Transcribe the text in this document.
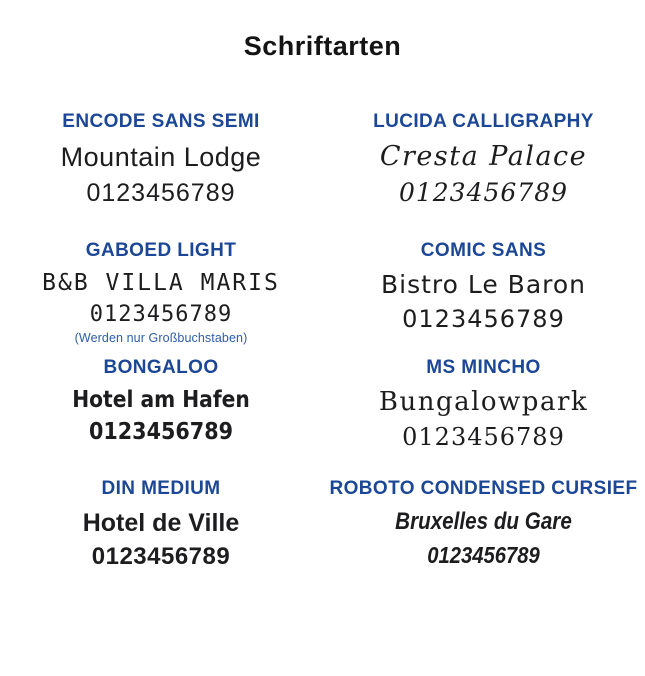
Schriftarten
ENCODE SANS SEMI
Mountain Lodge
0123456789
LUCIDA CALLIGRAPHY
Cresta Palace
0123456789
GABOED LIGHT
B&B VILLA MARIS
0123456789
(Werden nur Großbuchstaben)
COMIC SANS
Bistro Le Baron
0123456789
BONGALOO
Hotel am Hafen
0123456789
MS MINCHO
Bungalowpark
0123456789
DIN MEDIUM
Hotel de Ville
0123456789
ROBOTO CONDENSED CURSIEF
Bruxelles du Gare
0123456789
